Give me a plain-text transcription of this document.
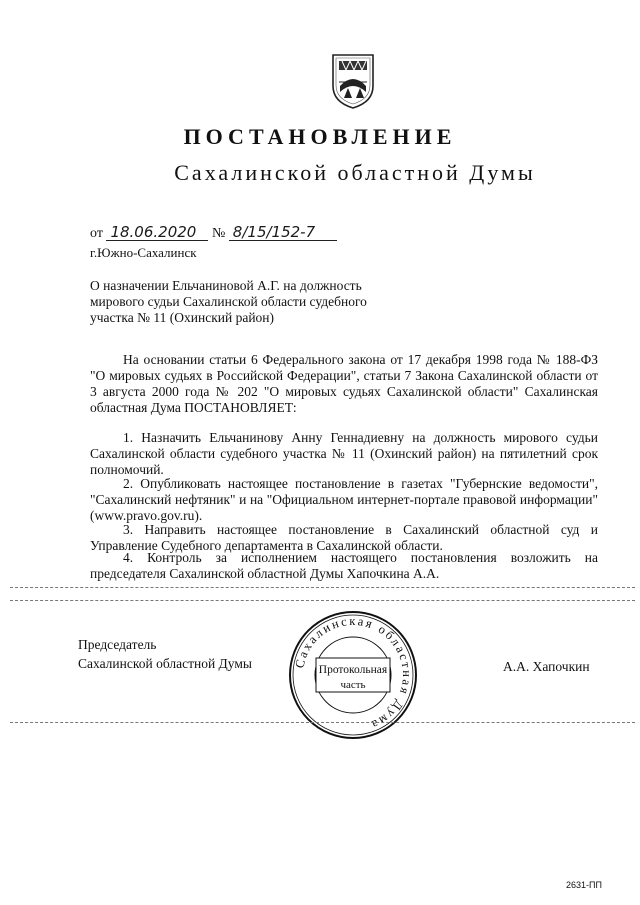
ПОСТАНОВЛЕНИЕ
Сахалинской областной Думы
от 18.06.2020 № 8/15/152-7
г.Южно-Сахалинск
О назначении Ельчаниновой А.Г. на должность мирового судьи Сахалинской области судебного участка № 11 (Охинский район)
На основании статьи 6 Федерального закона от 17 декабря 1998 года № 188-ФЗ "О мировых судьях в Российской Федерации", статьи 7 Закона Сахалинской области от 3 августа 2000 года № 202 "О мировых судьях Сахалинской области" Сахалинская областная Дума ПОСТАНОВЛЯЕТ:
1. Назначить Ельчанинову Анну Геннадиевну на должность мирового судьи Сахалинской области судебного участка № 11 (Охинский район) на пятилетний срок полномочий.
2. Опубликовать настоящее постановление в газетах "Губернские ведомости", "Сахалинский нефтяник" и на "Официальном интернет-портале правовой информации" (www.pravo.gov.ru).
3. Направить настоящее постановление в Сахалинский областной суд и Управление Судебного департамента в Сахалинской области.
4. Контроль за исполнением настоящего постановления возложить на председателя Сахалинской областной Думы Хапочкина А.А.
Председатель
Сахалинской областной Думы	Сахалинская областная Дума
Протокольная
часть
А.А. Хапочкин
2631-ПП
